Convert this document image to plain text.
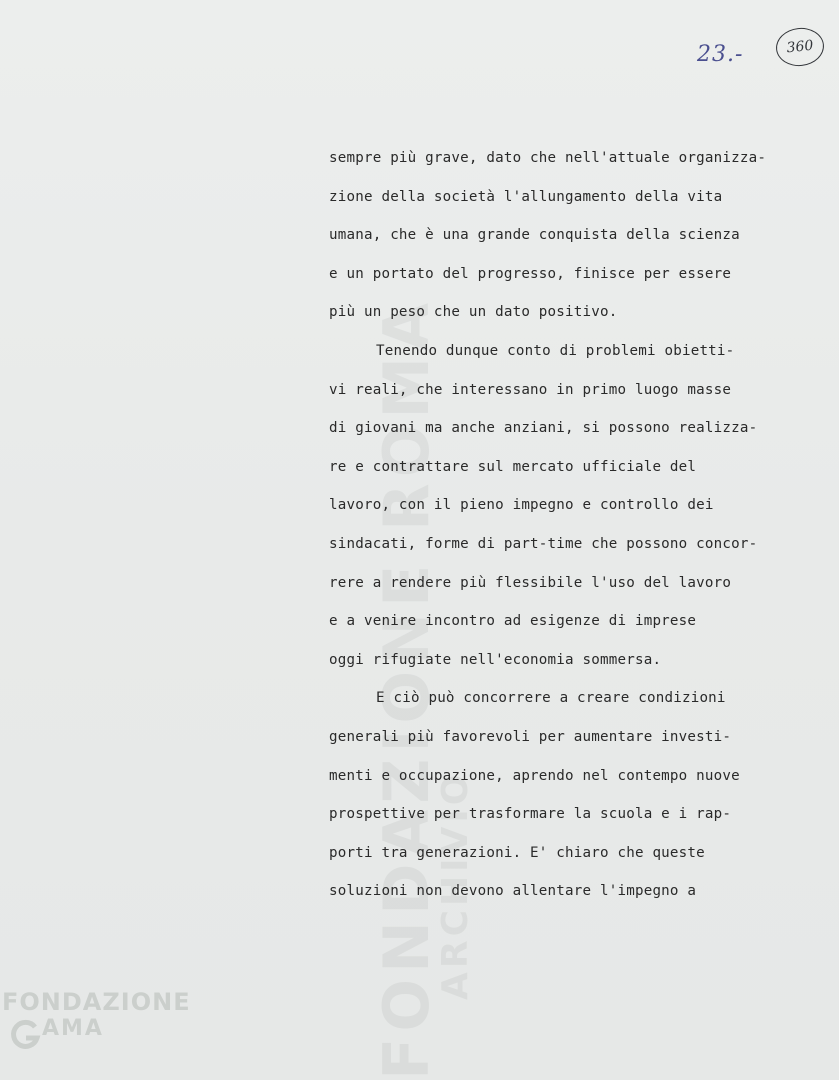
FONDAZIONE ROMA
ARCHIVIO
23.-	360
sempre più grave, dato che nell'attuale organizza-
zione della società l'allungamento della vita
umana, che è una grande conquista della scienza
e un portato del progresso, finisce per essere
più un peso che un dato positivo.
Tenendo dunque conto di problemi obietti-
vi reali, che interessano in primo luogo masse
di giovani ma anche anziani, si possono realizza-
re e contrattare sul mercato ufficiale del
lavoro, con il pieno impegno e controllo dei
sindacati, forme di part-time che possono concor-
rere a rendere più flessibile l'uso del lavoro
e a venire incontro ad esigenze di imprese
oggi rifugiate nell'economia sommersa.
E ciò può concorrere a creare condizioni
generali più favorevoli per aumentare investi-
menti e occupazione, aprendo nel contempo nuove
prospettive per trasformare la scuola e i rap-
porti tra generazioni. E' chiaro che queste
soluzioni non devono allentare l'impegno a
FONDAZIONE
AMA
